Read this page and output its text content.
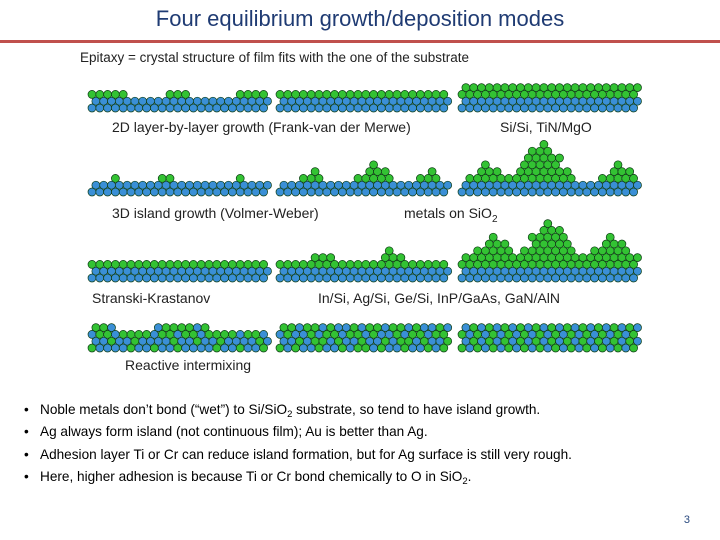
Four equilibrium growth/deposition modes
Epitaxy = crystal structure of film fits with the one of the substrate
2D layer-by-layer growth (Frank-van der Merwe)	Si/Si, TiN/MgO
3D island growth (Volmer-Weber)	metals on SiO$_2$
Stranski-Krastanov	In/Si, Ag/Si, Ge/Si, InP/GaAs, GaN/AlN
Reactive intermixing
• Noble metals don’t bond (“wet”) to Si/SiO$_2$ substrate, so tend to have island growth.
• Ag always form island (not continuous film); Au is better than Ag.
• Adhesion layer Ti or Cr can reduce island formation, but for Ag surface is still very rough.
• Here, higher adhesion is because Ti or Cr bond chemically to O in SiO$_2$.
3
